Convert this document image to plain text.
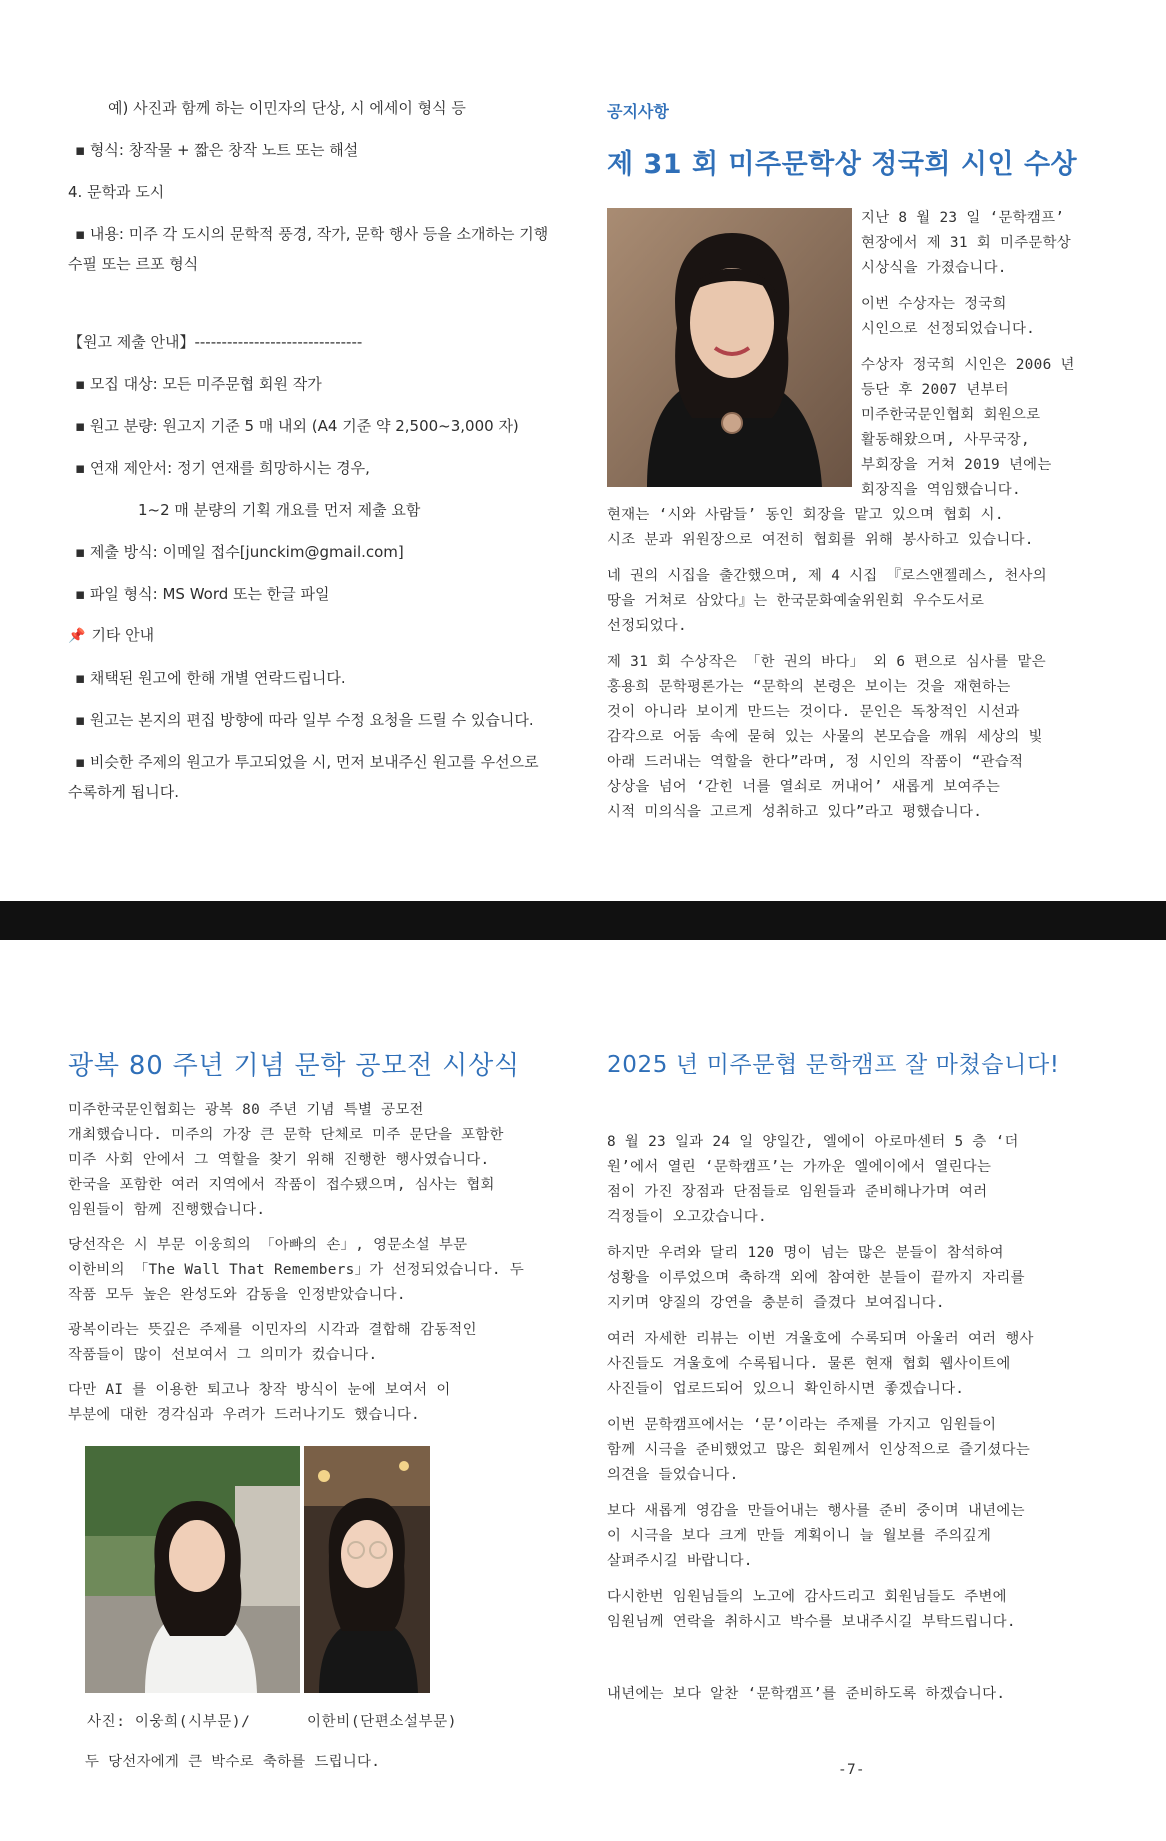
예) 사진과 함께 하는 이민자의 단상, 시 에세이 형식 등

▪ 형식: 창작물 + 짧은 창작 노트 또는 해설

4. 문학과 도시

▪ 내용: 미주 각 도시의 문학적 풍경, 작가, 문학 행사 등을 소개하는 기행

수필 또는 르포 형식

【원고 제출 안내】-------------------------------

▪ 모집 대상: 모든 미주문협 회원 작가

▪ 원고 분량: 원고지 기준 5 매 내외 (A4 기준 약 2,500~3,000 자)

▪ 연재 제안서: 정기 연재를 희망하시는 경우,

1~2 매 분량의 기획 개요를 먼저 제출 요함

▪ 제출 방식: 이메일 접수[junckim@gmail.com]

▪ 파일 형식: MS Word 또는 한글 파일

📌 기타 안내

▪ 채택된 원고에 한해 개별 연락드립니다.

▪ 원고는 본지의 편집 방향에 따라 일부 수정 요청을 드릴 수 있습니다.

▪ 비슷한 주제의 원고가 투고되었을 시, 먼저 보내주신 원고를 우선으로

수록하게 됩니다.

공지사항

제 31 회 미주문학상 정국희 시인 수상

지난 8 월 23 일 ‘문학캠프’

현장에서 제 31 회 미주문학상

시상식을 가졌습니다.

이번 수상자는 정국희

시인으로 선정되었습니다.

수상자 정국희 시인은 2006 년

등단 후 2007 년부터

미주한국문인협회 회원으로

활동해왔으며, 사무국장,

부회장을 거쳐 2019 년에는

회장직을 역임했습니다.

현재는 ‘시와 사람들’ 동인 회장을 맡고 있으며 협회 시.

시조 분과 위원장으로 여전히 협회를 위해 봉사하고 있습니다.

네 권의 시집을 출간했으며, 제 4 시집 『로스앤젤레스, 천사의

땅을 거쳐로 삼았다』는 한국문화예술위원회 우수도서로

선정되었다.

제 31 회 수상작은 「한 권의 바다」 외 6 편으로 심사를 맡은

홍용희 문학평론가는 “문학의 본령은 보이는 것을 재현하는

것이 아니라 보이게 만드는 것이다. 문인은 독창적인 시선과

감각으로 어둠 속에 묻혀 있는 사물의 본모습을 깨워 세상의 빛

아래 드러내는 역할을 한다”라며, 정 시인의 작품이 “관습적

상상을 넘어 ‘갇힌 너를 열쇠로 꺼내어’ 새롭게 보여주는

시적 미의식을 고르게 성취하고 있다”라고 평했습니다.

광복 80 주년 기념 문학 공모전 시상식

미주한국문인협회는 광복 80 주년 기념 특별 공모전

개최했습니다. 미주의 가장 큰 문학 단체로 미주 문단을 포함한

미주 사회 안에서 그 역할을 찾기 위해 진행한 행사였습니다.

한국을 포함한 여러 지역에서 작품이 접수됐으며, 심사는 협회

임원들이 함께 진행했습니다.

당선작은 시 부문 이웅희의 「아빠의 손」, 영문소설 부문

이한비의 「The Wall That Remembers」가 선정되었습니다. 두

작품 모두 높은 완성도와 감동을 인정받았습니다.

광복이라는 뜻깊은 주제를 이민자의 시각과 결합해 감동적인

작품들이 많이 선보여서 그 의미가 컸습니다.

다만 AI 를 이용한 퇴고나 창작 방식이 눈에 보여서 이

부분에 대한 경각심과 우려가 드러나기도 했습니다.

사진: 이웅희(시부문)/	이한비(단편소설부문)

두 당선자에게 큰 박수로 축하를 드립니다.

2025 년 미주문협 문학캠프 잘 마쳤습니다!

8 월 23 일과 24 일 양일간, 엘에이 아로마센터 5 층 ‘더

원’에서 열린 ‘문학캠프’는 가까운 엘에이에서 열린다는

점이 가진 장점과 단점들로 임원들과 준비해나가며 여러

걱정들이 오고갔습니다.

하지만 우려와 달리 120 명이 넘는 많은 분들이 참석하여

성황을 이루었으며 축하객 외에 참여한 분들이 끝까지 자리를

지키며 양질의 강연을 충분히 즐겼다 보여집니다.

여러 자세한 리뷰는 이번 겨울호에 수록되며 아울러 여러 행사

사진들도 겨울호에 수록됩니다. 물론 현재 협회 웹사이트에

사진들이 업로드되어 있으니 확인하시면 좋겠습니다.

이번 문학캠프에서는 ‘문’이라는 주제를 가지고 임원들이

함께 시극을 준비했었고 많은 회원께서 인상적으로 즐기셨다는

의견을 들었습니다.

보다 새롭게 영감을 만들어내는 행사를 준비 중이며 내년에는

이 시극을 보다 크게 만들 계획이니 늘 월보를 주의깊게

살펴주시길 바랍니다.

다시한번 임원님들의 노고에 감사드리고 회원님들도 주변에

임원님께 연락을 취하시고 박수를 보내주시길 부탁드립니다.

내년에는 보다 알찬 ‘문학캠프’를 준비하도록 하겠습니다.

-7-
